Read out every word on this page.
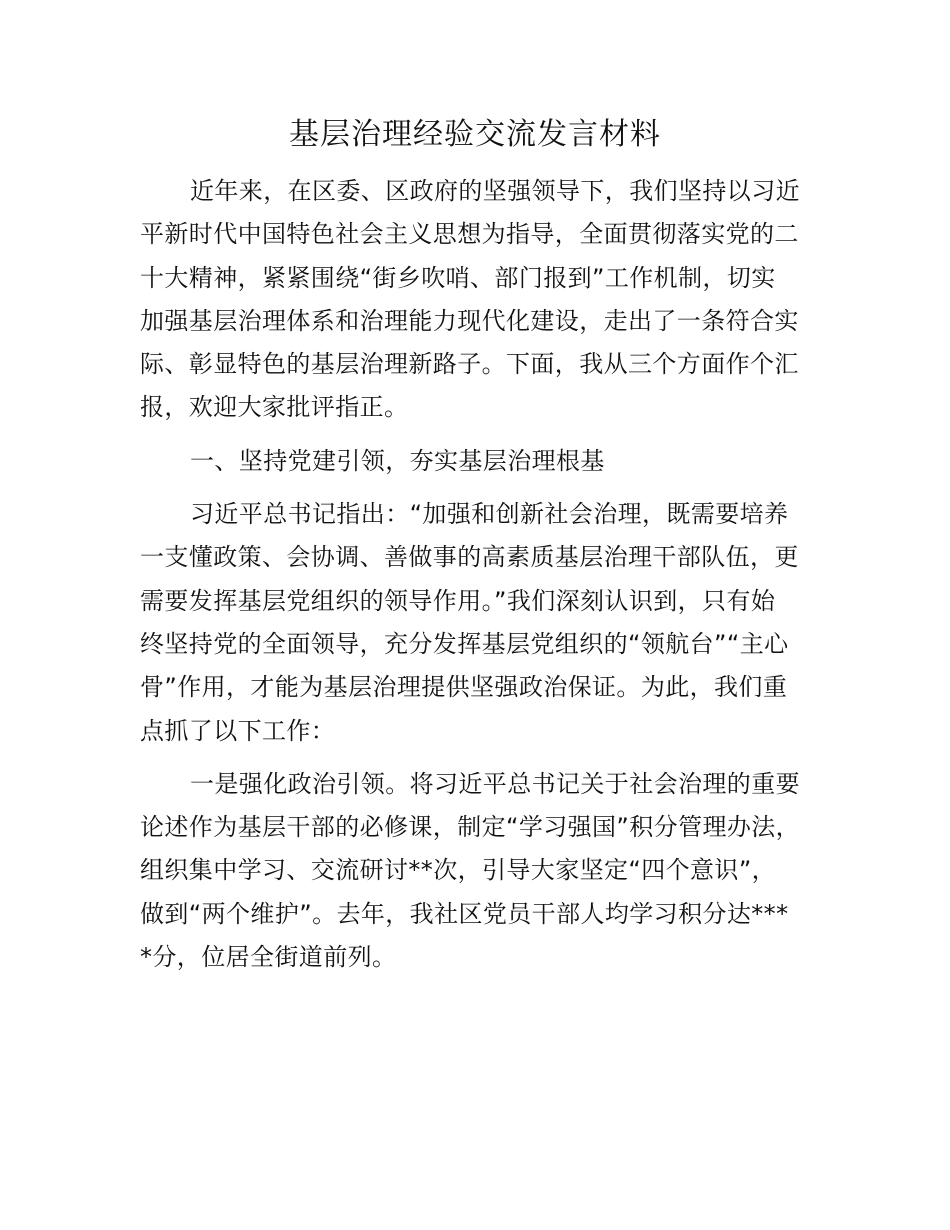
基层治理经验交流发言材料
近年来，在区委、区政府的坚强领导下，我们坚持以习近
平新时代中国特色社会主义思想为指导，全面贯彻落实党的二
十大精神，紧紧围绕“街乡吹哨、部门报到”工作机制，切实
加强基层治理体系和治理能力现代化建设，走出了一条符合实
际、彰显特色的基层治理新路子。下面，我从三个方面作个汇
报，欢迎大家批评指正。
一、坚持党建引领，夯实基层治理根基
习近平总书记指出：“加强和创新社会治理，既需要培养
一支懂政策、会协调、善做事的高素质基层治理干部队伍，更
需要发挥基层党组织的领导作用。”我们深刻认识到，只有始
终坚持党的全面领导，充分发挥基层党组织的“领航台”“主心
骨”作用，才能为基层治理提供坚强政治保证。为此，我们重
点抓了以下工作：
一是强化政治引领。将习近平总书记关于社会治理的重要
论述作为基层干部的必修课，制定“学习强国”积分管理办法，
组织集中学习、交流研讨**次，引导大家坚定“四个意识”，
做到“两个维护”。去年，我社区党员干部人均学习积分达***
*分，位居全街道前列。
